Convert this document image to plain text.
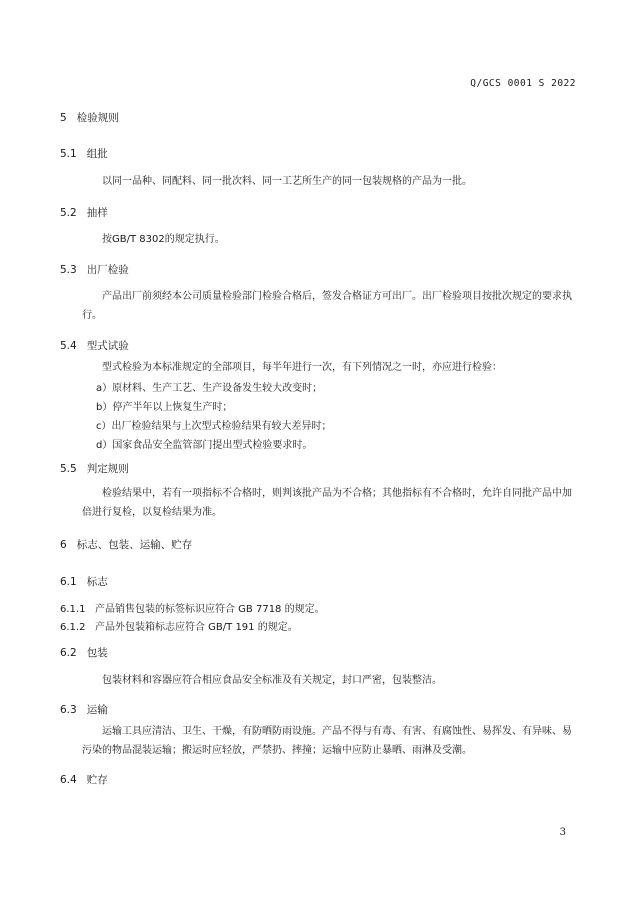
Q/GCS 0001 S 2022
5 检验规则
5.1 组批
以同一品种、同配料、同一批次料、同一工艺所生产的同一包装规格的产品为一批。
5.2 抽样
按GB/T 8302的规定执行。
5.3 出厂检验
产品出厂前须经本公司质量检验部门检验合格后，签发合格证方可出厂。出厂检验项目按批次规定的要求执行。
5.4 型式试验
型式检验为本标准规定的全部项目，每半年进行一次，有下列情况之一时，亦应进行检验：
a）原材料、生产工艺、生产设备发生较大改变时；
b）停产半年以上恢复生产时；
c）出厂检验结果与上次型式检验结果有较大差异时；
d）国家食品安全监管部门提出型式检验要求时。
5.5 判定规则
检验结果中，若有一项指标不合格时，则判该批产品为不合格；其他指标有不合格时，允许自同批产品中加倍进行复检，以复检结果为准。
6 标志、包装、运输、贮存
6.1 标志
6.1.1 产品销售包装的标签标识应符合 GB 7718 的规定。
6.1.2 产品外包装箱标志应符合 GB/T 191 的规定。
6.2 包装
包装材料和容器应符合相应食品安全标准及有关规定，封口严密，包装整洁。
6.3 运输
运输工具应清洁、卫生、干燥，有防晒防雨设施。产品不得与有毒、有害、有腐蚀性、易挥发、有异味、易污染的物品混装运输；搬运时应轻放，严禁扔、摔撞；运输中应防止暴晒、雨淋及受潮。
6.4 贮存
3
